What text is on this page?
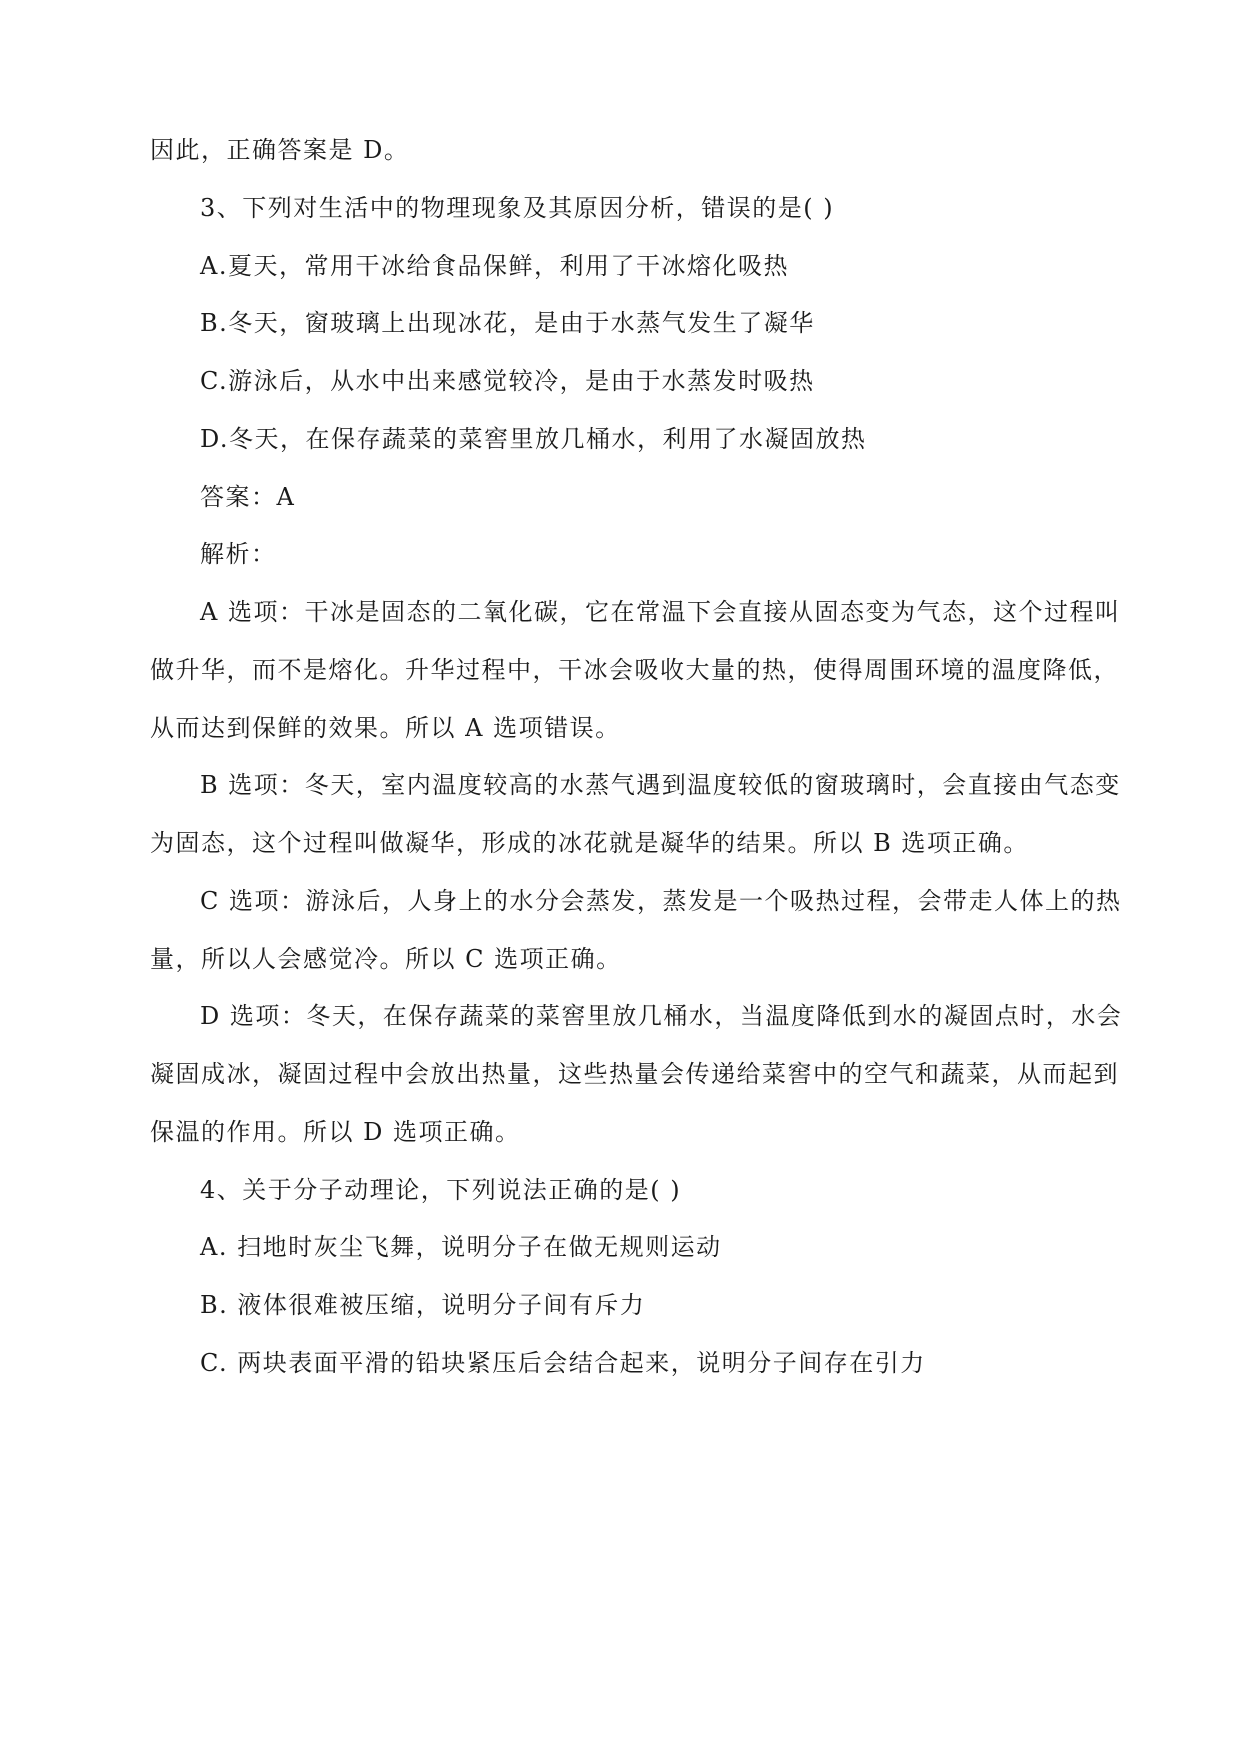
因此，正确答案是 D。
3、下列对生活中的物理现象及其原因分析，错误的是( )
A.夏天，常用干冰给食品保鲜，利用了干冰熔化吸热
B.冬天，窗玻璃上出现冰花，是由于水蒸气发生了凝华
C.游泳后，从水中出来感觉较冷，是由于水蒸发时吸热
D.冬天，在保存蔬菜的菜窖里放几桶水，利用了水凝固放热
答案：A
解析：
A 选项：干冰是固态的二氧化碳，它在常温下会直接从固态变为气态，这个过程叫
做升华，而不是熔化。升华过程中，干冰会吸收大量的热，使得周围环境的温度降低，
从而达到保鲜的效果。所以 A 选项错误。
B 选项：冬天，室内温度较高的水蒸气遇到温度较低的窗玻璃时，会直接由气态变
为固态，这个过程叫做凝华，形成的冰花就是凝华的结果。所以 B 选项正确。
C 选项：游泳后，人身上的水分会蒸发，蒸发是一个吸热过程，会带走人体上的热
量，所以人会感觉冷。所以 C 选项正确。
D 选项：冬天，在保存蔬菜的菜窖里放几桶水，当温度降低到水的凝固点时，水会
凝固成冰，凝固过程中会放出热量，这些热量会传递给菜窖中的空气和蔬菜，从而起到
保温的作用。所以 D 选项正确。
4、关于分子动理论，下列说法正确的是( )
A. 扫地时灰尘飞舞，说明分子在做无规则运动
B. 液体很难被压缩，说明分子间有斥力
C. 两块表面平滑的铅块紧压后会结合起来，说明分子间存在引力
